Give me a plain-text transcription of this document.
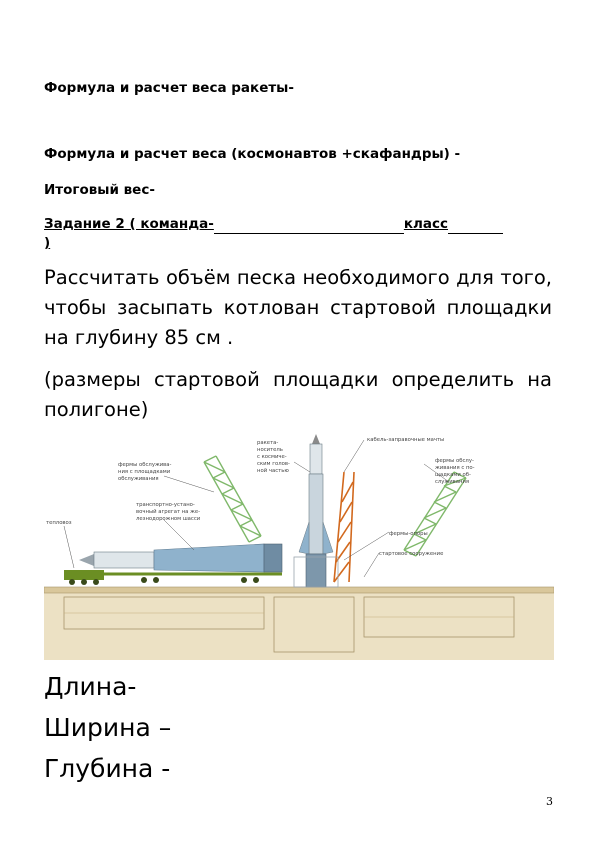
Формула и расчет веса ракеты-
Формула и расчет веса (космонавтов +скафандры) -
Итоговый вес-
Задание 2 ( команда-	класс
)
Рассчитать объём песка необходимого для того, чтобы засыпать котлован стартовой площадки на глубину 85 см .
(размеры стартовой площадки определить на полигоне)
фермы обслужива- ния с площадками обслуживания
ракета- носитель с космиче- ским голов- ной частью
кабель-заправочные мачты
фермы обслу- живания с по- щадками об- служивания
транспортно-устано- вочный агрегат на же- лезнодорожном шасси
тепловоз
фермы-опоры
стартовое сооружение
Длина-
Ширина –
Глубина -
3
